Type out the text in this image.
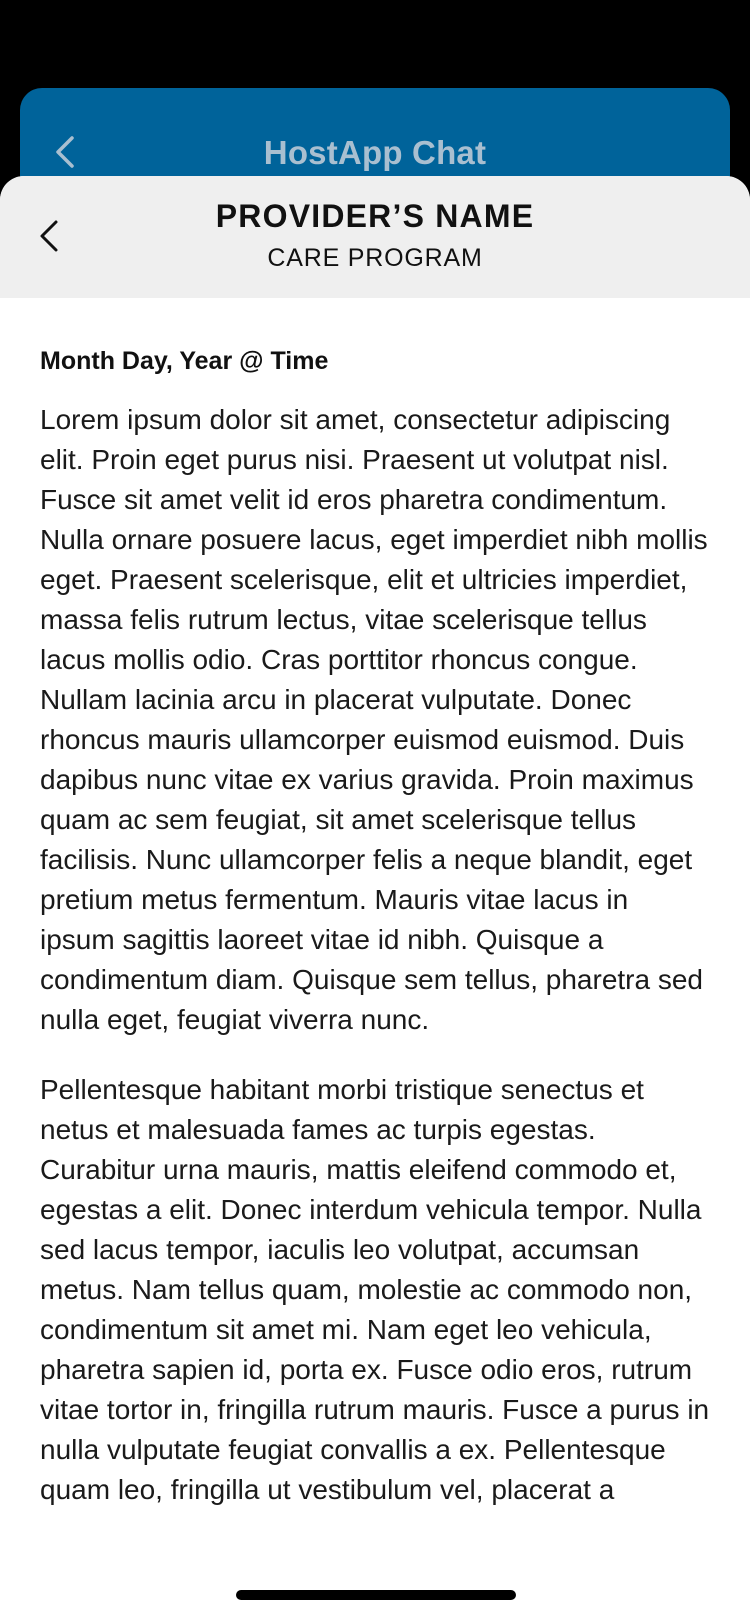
HostApp Chat
PROVIDER’S NAME
CARE PROGRAM
Month Day, Year @ Time

Lorem ipsum dolor sit amet, consectetur adipiscing elit. Proin eget purus nisi. Praesent ut volutpat nisl. Fusce sit amet velit id eros pharetra condimentum. Nulla ornare posuere lacus, eget imperdiet nibh mollis eget. Praesent scelerisque, elit et ultricies imperdiet, massa felis rutrum lectus, vitae scelerisque tellus lacus mollis odio. Cras porttitor rhoncus congue. Nullam lacinia arcu in placerat vulputate. Donec rhoncus mauris ullamcorper euismod euismod. Duis dapibus nunc vitae ex varius gravida. Proin maximus quam ac sem feugiat, sit amet scelerisque tellus facilisis. Nunc ullamcorper felis a neque blandit, eget pretium metus fermentum. Mauris vitae lacus in ipsum sagittis laoreet vitae id nibh. Quisque a condimentum diam. Quisque sem tellus, pharetra sed nulla eget, feugiat viverra nunc.

Pellentesque habitant morbi tristique senectus et netus et malesuada fames ac turpis egestas. Curabitur urna mauris, mattis eleifend commodo et, egestas a elit. Donec interdum vehicula tempor. Nulla sed lacus tempor, iaculis leo volutpat, accumsan metus. Nam tellus quam, molestie ac commodo non, condimentum sit amet mi. Nam eget leo vehicula, pharetra sapien id, porta ex. Fusce odio eros, rutrum vitae tortor in, fringilla rutrum mauris. Fusce a purus in nulla vulputate feugiat convallis a ex. Pellentesque quam leo, fringilla ut vestibulum vel, placerat a
